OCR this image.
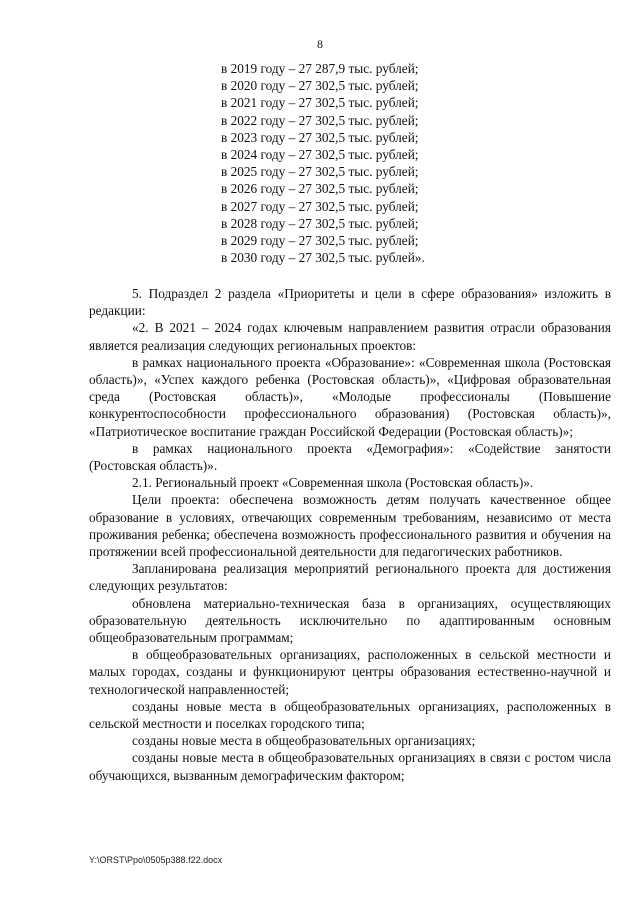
8
в 2019 году – 27 287,9 тыс. рублей;
в 2020 году – 27 302,5 тыс. рублей;
в 2021 году – 27 302,5 тыс. рублей;
в 2022 году – 27 302,5 тыс. рублей;
в 2023 году – 27 302,5 тыс. рублей;
в 2024 году – 27 302,5 тыс. рублей;
в 2025 году – 27 302,5 тыс. рублей;
в 2026 году – 27 302,5 тыс. рублей;
в 2027 году – 27 302,5 тыс. рублей;
в 2028 году – 27 302,5 тыс. рублей;
в 2029 году – 27 302,5 тыс. рублей;
в 2030 году – 27 302,5 тыс. рублей».

5. Подраздел 2 раздела «Приоритеты и цели в сфере образования» изложить в редакции:

«2. В 2021 – 2024 годах ключевым направлением развития отрасли образования является реализация следующих региональных проектов:

в рамках национального проекта «Образование»: «Современная школа (Ростовская область)», «Успех каждого ребенка (Ростовская область)», «Цифровая образовательная среда (Ростовская область)», «Молодые профессионалы (Повышение конкурентоспособности профессионального образования) (Ростовская область)», «Патриотическое воспитание граждан Российской Федерации (Ростовская область)»;

в рамках национального проекта «Демография»: «Содействие занятости (Ростовская область)».

2.1. Региональный проект «Современная школа (Ростовская область)».

Цели проекта: обеспечена возможность детям получать качественное общее образование в условиях, отвечающих современным требованиям, независимо от места проживания ребенка; обеспечена возможность профессионального развития и обучения на протяжении всей профессиональной деятельности для педагогических работников.

Запланирована реализация мероприятий регионального проекта для достижения следующих результатов:

обновлена материально-техническая база в организациях, осуществляющих образовательную деятельность исключительно по адаптированным основным общеобразовательным программам;

в общеобразовательных организациях, расположенных в сельской местности и малых городах, созданы и функционируют центры образования естественно-научной и технологической направленностей;

созданы новые места в общеобразовательных организациях, расположенных в сельской местности и поселках городского типа;

созданы новые места в общеобразовательных организациях;

созданы новые места в общеобразовательных организациях в связи с ростом числа обучающихся, вызванным демографическим фактором;

Y:\ORST\Ppo\0505p388.f22.docx
